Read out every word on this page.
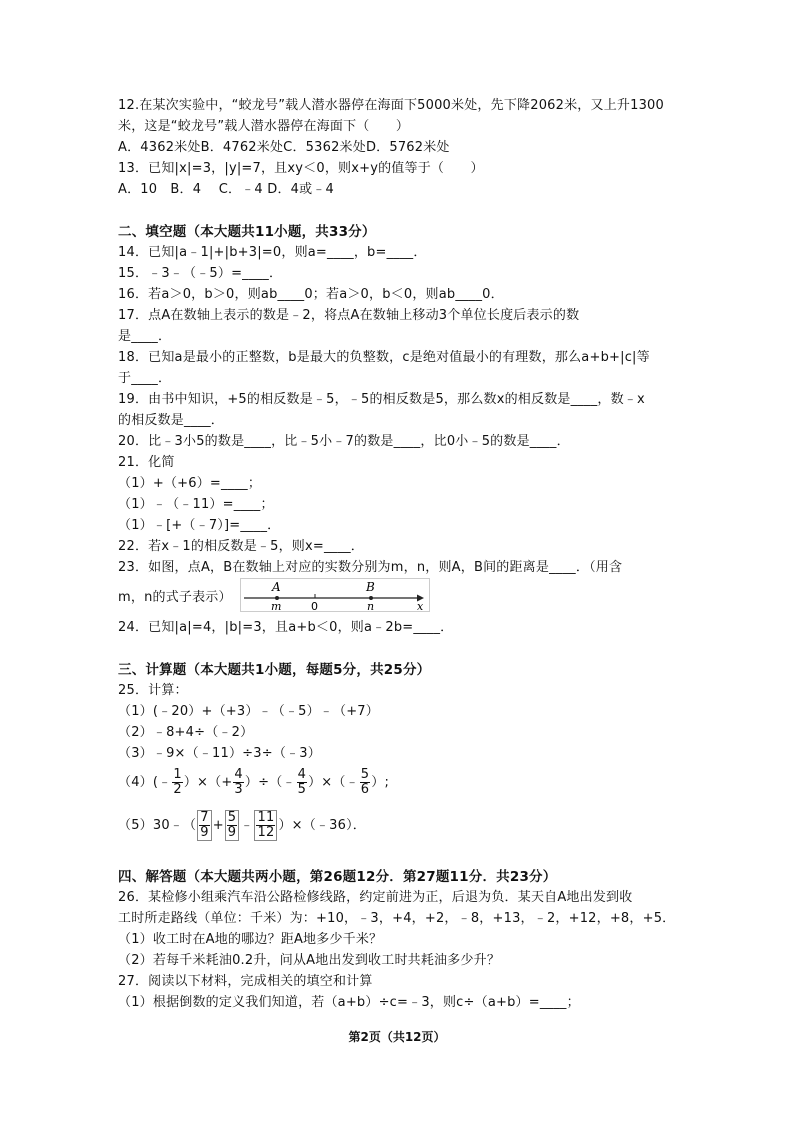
12.在某次实验中，“蛟龙号”载人潜水器停在海面下5000米处，先下降2062米，又上升1300
米，这是“蛟龙号”载人潜水器停在海面下（　　）
A．4362米处B．4762米处C．5362米处D．5762米处
13．已知|x|=3，|y|=7，且xy＜0，则x+y的值等于（　　）
A．10　B．4　 C．﹣4 D．4或﹣4
二、填空题（本大题共11小题，共33分）
14．已知|a﹣1|+|b+3|=0，则a=____，b=____．
15．﹣3﹣（﹣5）=____．
16．若a＞0，b＞0，则ab____0；若a＞0，b＜0，则ab____0．
17．点A在数轴上表示的数是﹣2，将点A在数轴上移动3个单位长度后表示的数
是____．
18．已知a是最小的正整数，b是最大的负整数，c是绝对值最小的有理数，那么a+b+|c|等
于____．
19．由书中知识，+5的相反数是﹣5，﹣5的相反数是5，那么数x的相反数是____，数﹣x
的相反数是____．
20．比﹣3小5的数是____，比﹣5小﹣7的数是____，比0小﹣5的数是____．
21．化简
（1）+（+6）=____；
（1）﹣（﹣11）=____；
（1）﹣[+（﹣7）]=____．
22．若x﹣1的相反数是﹣5，则x=____．
23．如图，点A，B在数轴上对应的实数分别为m，n，则A，B间的距离是____．（用含
m，n的式子表示）
A	B
m	0	n	x
24．已知|a|=4，|b|=3，且a+b＜0，则a﹣2b=____．
三、计算题（本大题共1小题，每题5分，共25分）
25．计算：
（1）(﹣20）+（+3）﹣（﹣5）﹣（+7）
（2）﹣8+4÷（﹣2）
（3）﹣9×（﹣11）÷3÷（﹣3）
（4）(﹣ $\frac{1}{2}$ ）×（+ $\frac{4}{3}$ ）÷（﹣ $\frac{4}{5}$ ）×（﹣ $\frac{5}{6}$ ）;
（5）30﹣（ $\frac{7}{9} + \frac{5}{9}$ ﹣ $\frac{11}{12}$ ）×（﹣36）．
四、解答题（本大题共两小题，第26题12分．第27题11分．共23分）
26．某检修小组乘汽车沿公路检修线路，约定前进为正，后退为负．某天自A地出发到收
工时所走路线（单位：千米）为：+10，﹣3，+4，+2，﹣8，+13，﹣2，+12，+8，+5．
（1）收工时在A地的哪边？距A地多少千米？
（2）若每千米耗油0.2升，问从A地出发到收工时共耗油多少升？
27．阅读以下材料，完成相关的填空和计算
（1）根据倒数的定义我们知道，若（a+b）÷c=﹣3，则c÷（a+b）=____；
第2页（共12页）
